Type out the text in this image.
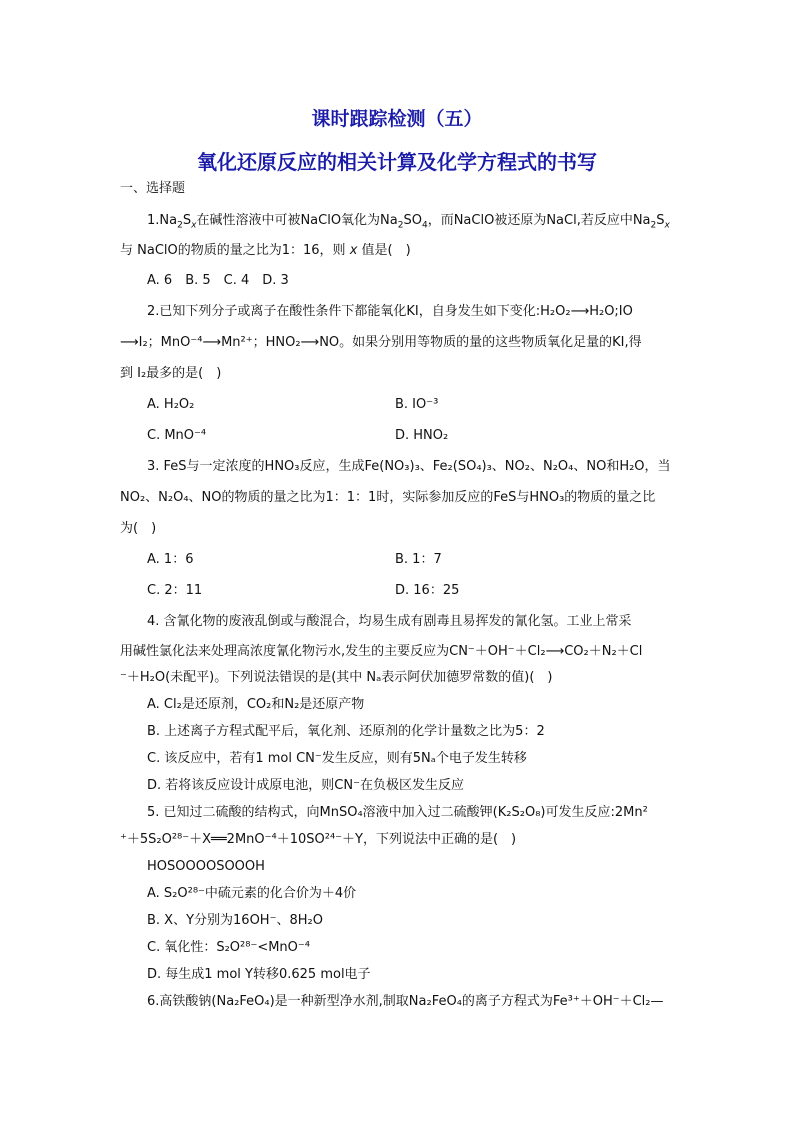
课时跟踪检测（五）
氧化还原反应的相关计算及化学方程式的书写
一、选择题
$1.Na_2S_x$在碱性溶液中可被NaClO氧化为$Na_2SO_4$，而NaClO被还原为NaCl,若反应中$Na_2S_x$
与 NaClO的物质的量之比为1：16，则 x 值是(　)
A. 6　B. 5　C. 4　D. 3
2.已知下列分子或离子在酸性条件下都能氧化KI，自身发生如下变化:H₂O₂⟶H₂O;IO
⟶I₂；MnO⁻⁴⟶Mn²⁺；HNO₂⟶NO。如果分别用等物质的量的这些物质氧化足量的KI,得
到 I₂最多的是(　)
A. H₂O₂	B. IO⁻³
C. MnO⁻⁴	D. HNO₂
3. FeS与一定浓度的HNO₃反应，生成Fe(NO₃)₃、Fe₂(SO₄)₃、NO₂、N₂O₄、NO和H₂O，当
NO₂、N₂O₄、NO的物质的量之比为1：1：1时，实际参加反应的FeS与HNO₃的物质的量之比
为(　)
A. 1：6	B. 1：7
C. 2：11	D. 16：25
4. 含氰化物的废液乱倒或与酸混合，均易生成有剧毒且易挥发的氰化氢。工业上常采
用碱性氯化法来处理高浓度氰化物污水,发生的主要反应为CN⁻＋OH⁻＋Cl₂⟶CO₂＋N₂＋Cl
⁻＋H₂O(未配平)。下列说法错误的是(其中 Nₐ表示阿伏加德罗常数的值)(　)
A. Cl₂是还原剂，CO₂和N₂是还原产物
B. 上述离子方程式配平后，氧化剂、还原剂的化学计量数之比为5：2
C. 该反应中，若有1 mol CN⁻发生反应，则有5Nₐ个电子发生转移
D. 若将该反应设计成原电池，则CN⁻在负极区发生反应
5. 已知过二硫酸的结构式，向MnSO₄溶液中加入过二硫酸钾(K₂S₂O₈)可发生反应:2Mn²
⁺＋5S₂O²⁸⁻＋X══2MnO⁻⁴＋10SO²⁴⁻＋Y，下列说法中正确的是(　)
HOSOOOOSOOOH
A. S₂O²⁸⁻中硫元素的化合价为＋4价
B. X、Y分别为16OH⁻、8H₂O
C. 氧化性：S₂O²⁸⁻<MnO⁻⁴
D. 每生成1 mol Y转移0.625 mol电子
6.高铁酸钠(Na₂FeO₄)是一种新型净水剂,制取Na₂FeO₄的离子方程式为Fe³⁺＋OH⁻＋Cl₂—
